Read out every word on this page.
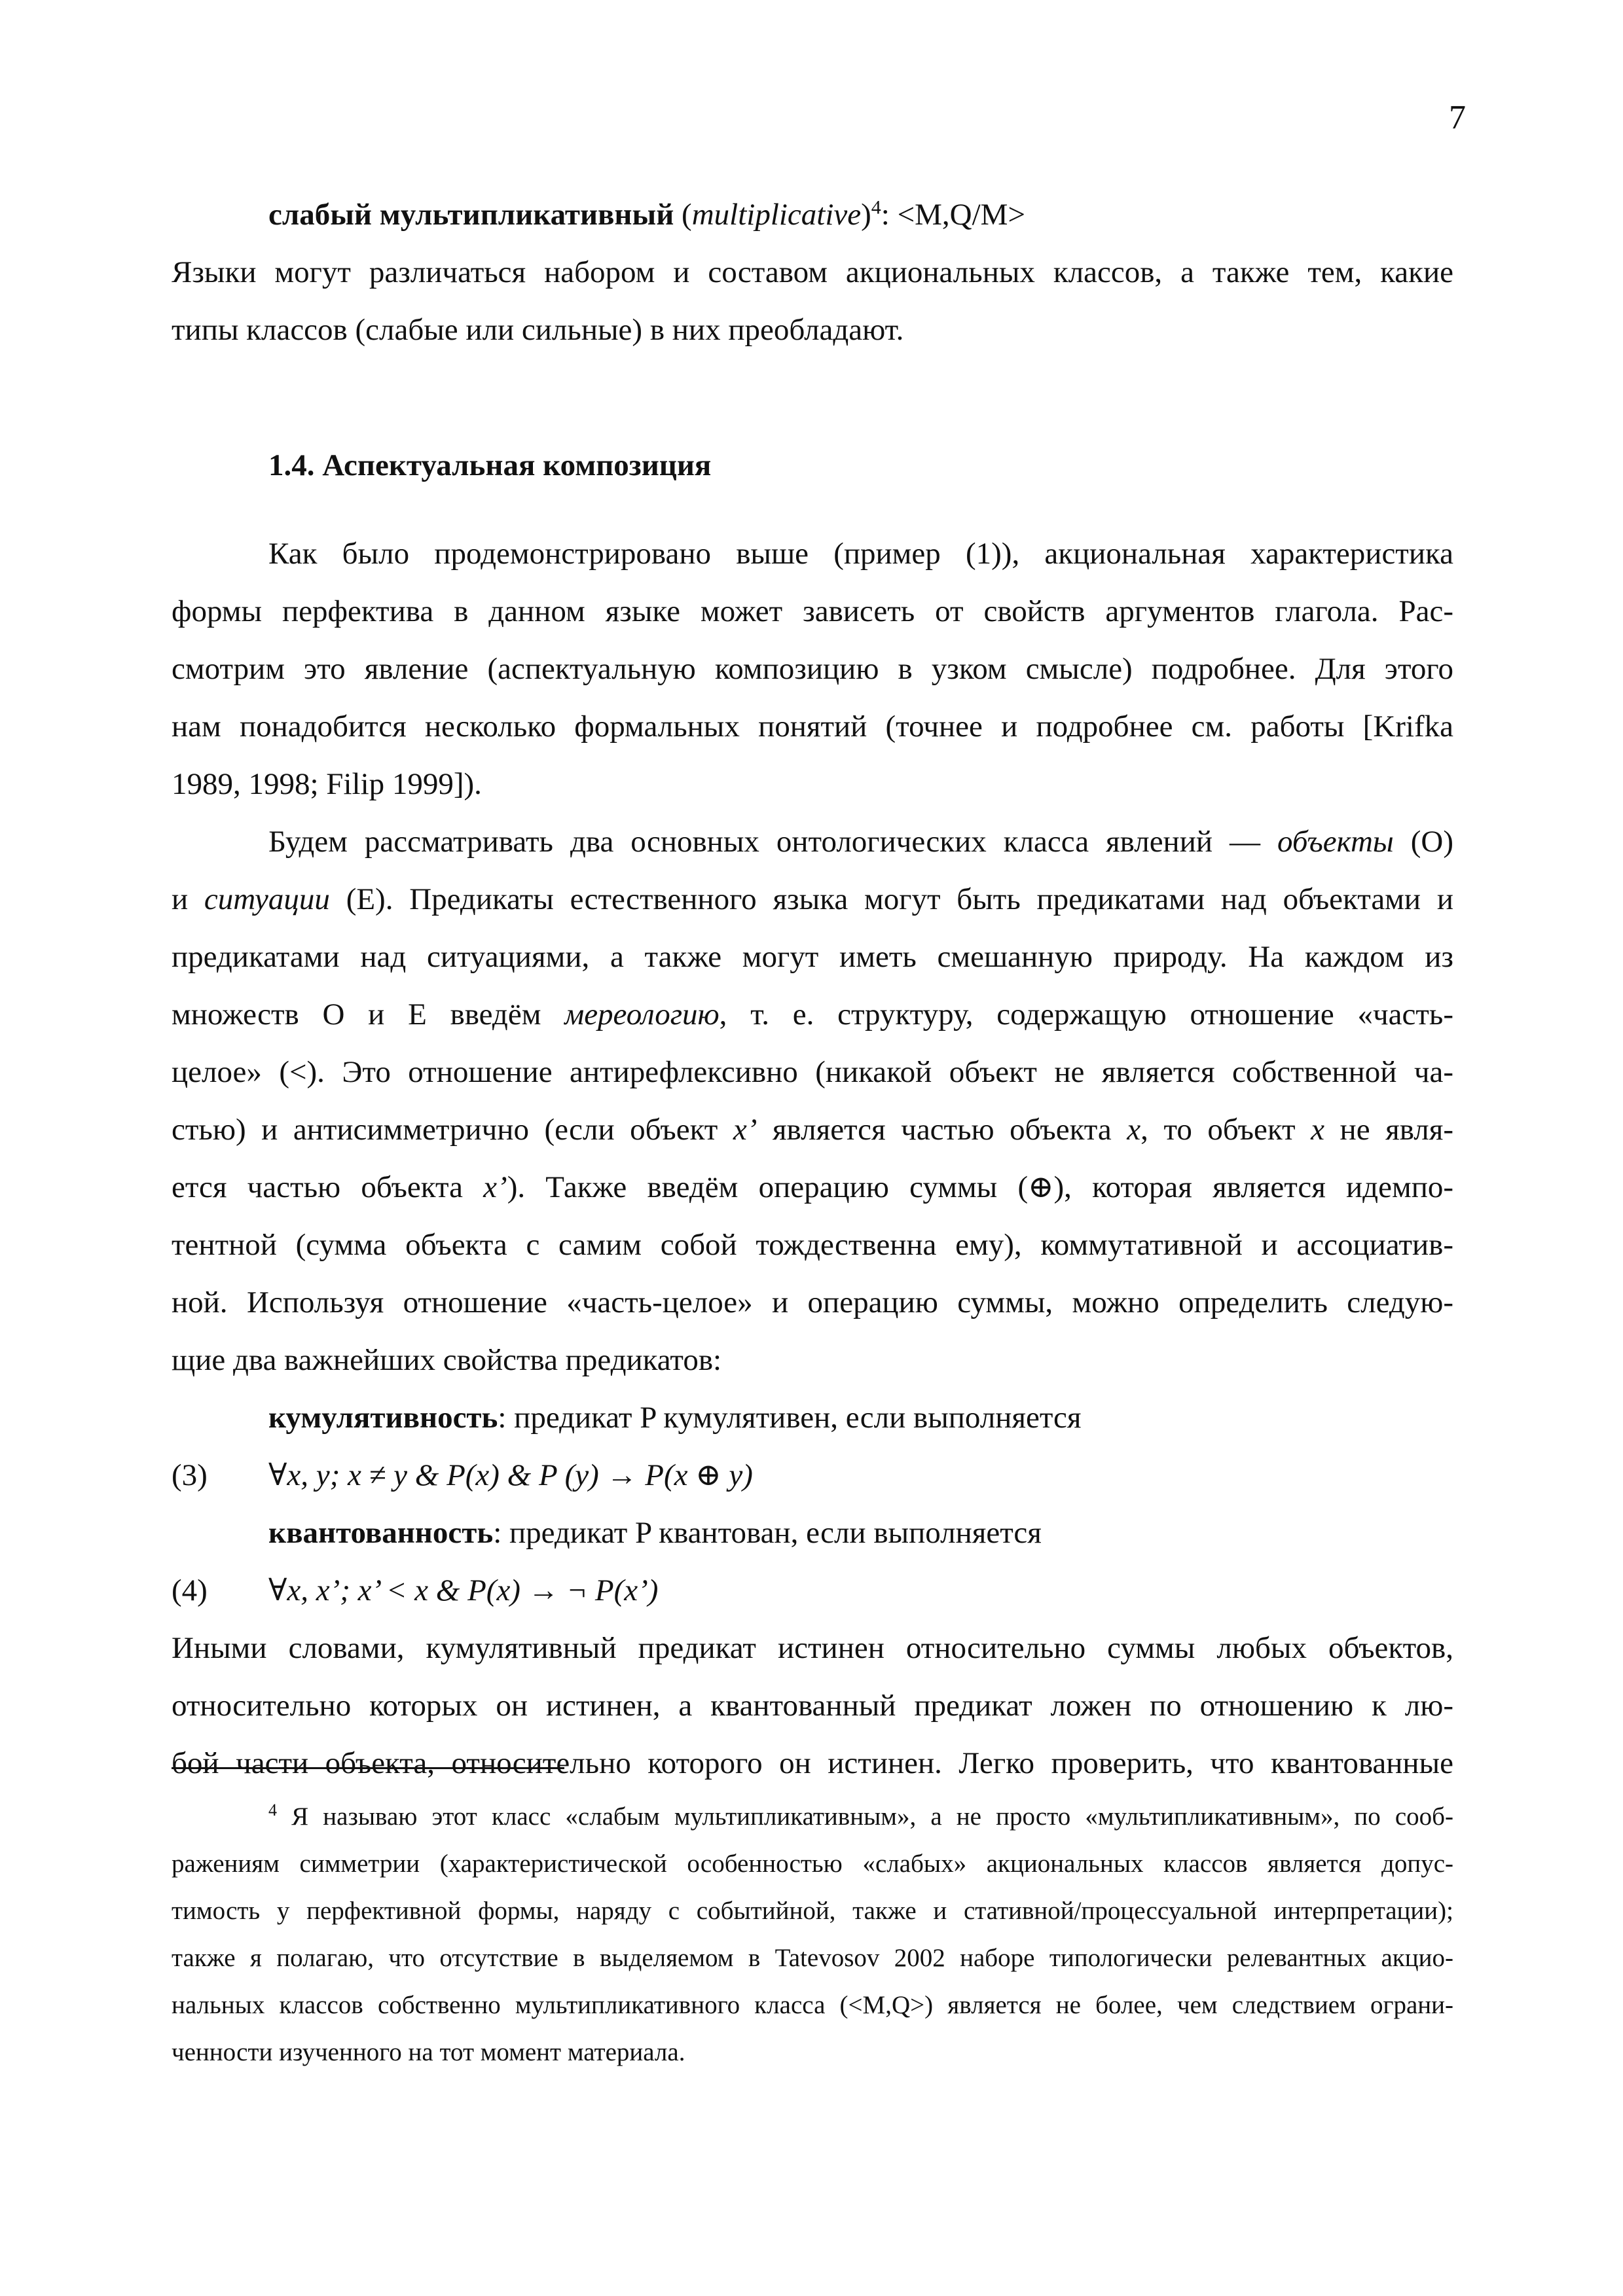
7

слабый мультипликативный (multiplicative)$^4$: <M,Q/M>

Языки могут различаться набором и составом акциональных классов, а также тем, какие

типы классов (слабые или сильные) в них преобладают.

1.4. Аспектуальная композиция

Как было продемонстрировано выше (пример (1)), акциональная характеристика

формы перфектива в данном языке может зависеть от свойств аргументов глагола. Рас-

смотрим это явление (аспектуальную композицию в узком смысле) подробнее. Для этого

нам понадобится несколько формальных понятий (точнее и подробнее см. работы [Krifka

1989, 1998; Filip 1999]).

Будем рассматривать два основных онтологических класса явлений — объекты (О)

и ситуации (Е). Предикаты естественного языка могут быть предикатами над объектами и

предикатами над ситуациями, а также могут иметь смешанную природу. На каждом из

множеств О и Е введём мереологию, т. е. структуру, содержащую отношение «часть-

целое» (<). Это отношение антирефлексивно (никакой объект не является собственной ча-

стью) и антисимметрично (если объект x’ является частью объекта x, то объект x не явля-

ется частью объекта x’). Также введём операцию суммы (⊕), которая является идемпо-

тентной (сумма объекта с самим собой тождественна ему), коммутативной и ассоциатив-

ной. Используя отношение «часть-целое» и операцию суммы, можно определить следую-

щие два важнейших свойства предикатов:

кумулятивность: предикат P кумулятивен, если выполняется

(3) ∀x, y; x ≠ y & P(x) & P (y) → P(x ⊕ y)

квантованность: предикат P квантован, если выполняется

(4) ∀x, x’; x’ < x & P(x) → ¬ P(x’)

Иными словами, кумулятивный предикат истинен относительно суммы любых объектов,

относительно которых он истинен, а квантованный предикат ложен по отношению к лю-

бой части объекта, относительно которого он истинен. Легко проверить, что квантованные

$^4$ Я называю этот класс «слабым мультипликативным», а не просто «мультипликативным», по сооб-

ражениям симметрии (характеристической особенностью «слабых» акциональных классов является допус-

тимость у перфективной формы, наряду с событийной, также и стативной/процессуальной интерпретации);

также я полагаю, что отсутствие в выделяемом в Tatevosov 2002 наборе типологически релевантных акцио-

нальных классов собственно мультипликативного класса (<M,Q>) является не более, чем следствием ограни-

ченности изученного на тот момент материала.
